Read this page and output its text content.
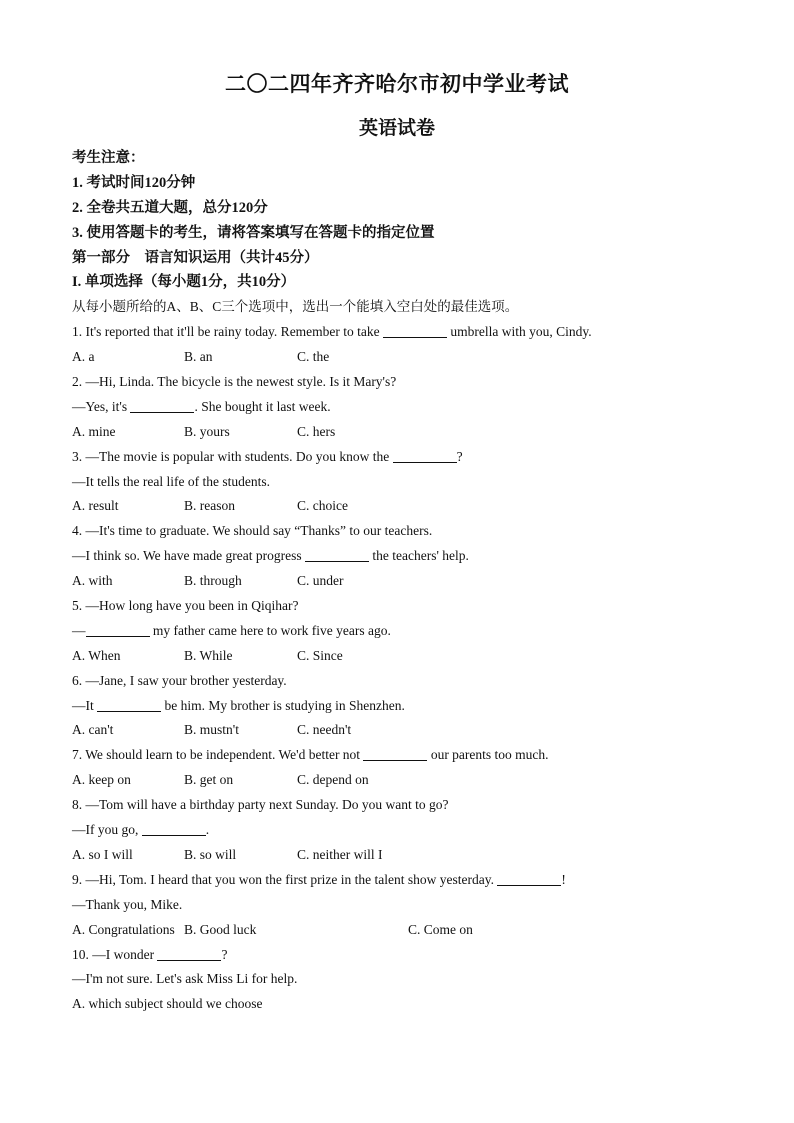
二〇二四年齐齐哈尔市初中学业考试
英语试卷
考生注意：
1. 考试时间120分钟
2. 全卷共五道大题，总分120分
3. 使用答题卡的考生，请将答案填写在答题卡的指定位置
第一部分　语言知识运用（共计45分）
I. 单项选择（每小题1分，共10分）
从每小题所给的A、B、C三个选项中，选出一个能填入空白处的最佳选项。
1. It's reported that it'll be rainy today. Remember to take	umbrella with you, Cindy.
A. a	B. an	C. the
2. —Hi, Linda. The bicycle is the newest style. Is it Mary's?
—Yes, it's	. She bought it last week.
A. mine	B. yours	C. hers
3. —The movie is popular with students. Do you know the	?
—It tells the real life of the students.
A. result	B. reason	C. choice
4. —It's time to graduate. We should say “Thanks” to our teachers.
—I think so. We have made great progress	the teachers' help.
A. with	B. through	C. under
5. —How long have you been in Qiqihar?
—	my father came here to work five years ago.
A. When	B. While	C. Since
6. —Jane, I saw your brother yesterday.
—It	be him. My brother is studying in Shenzhen.
A. can't	B. mustn't	C. needn't
7. We should learn to be independent. We'd better not	our parents too much.
A. keep on	B. get on	C. depend on
8. —Tom will have a birthday party next Sunday. Do you want to go?
—If you go,	.
A. so I will	B. so will	C. neither will I
9. —Hi, Tom. I heard that you won the first prize in the talent show yesterday.	!
—Thank you, Mike.
A. Congratulations B. Good luck	C. Come on
10. —I wonder	?
—I'm not sure. Let's ask Miss Li for help.
A. which subject should we choose
